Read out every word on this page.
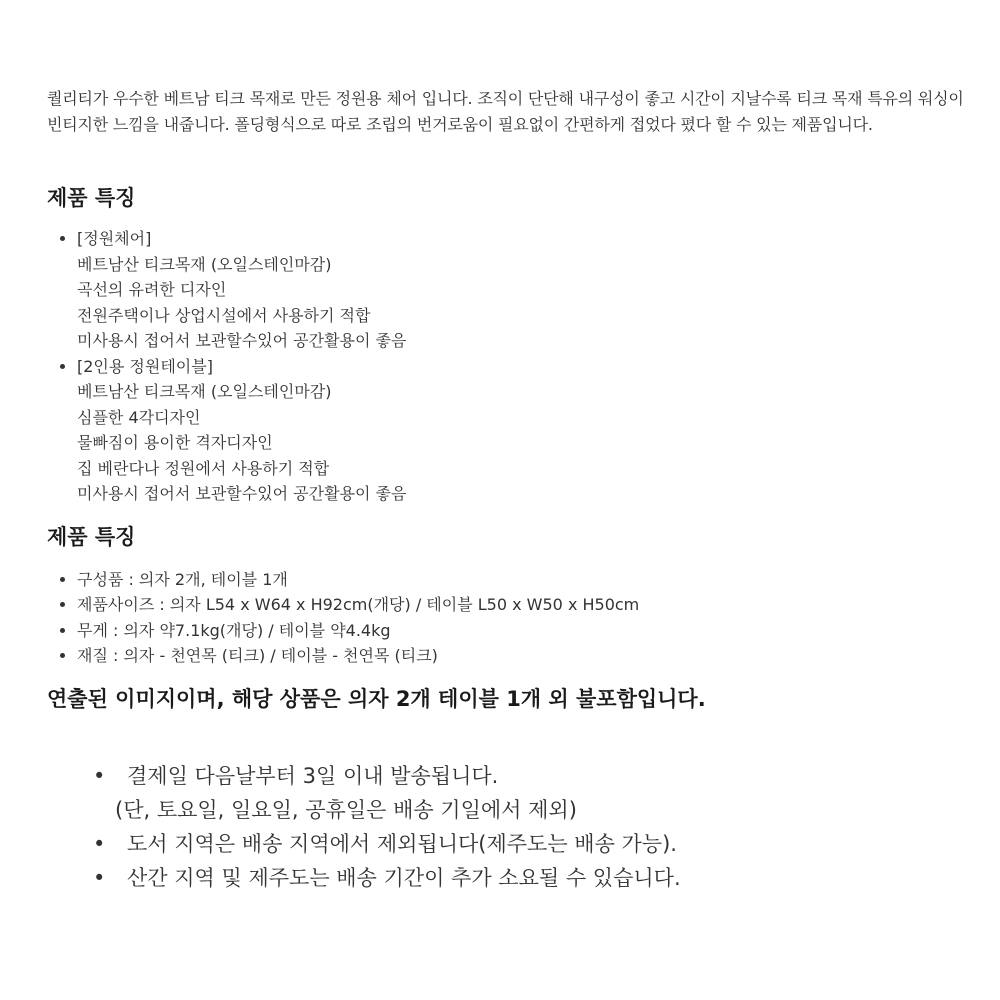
퀄리티가 우수한 베트남 티크 목재로 만든 정원용 체어 입니다. 조직이 단단해 내구성이 좋고 시간이 지날수록 티크 목재 특유의 워싱이 빈티지한 느낌을 내줍니다. 폴딩형식으로 따로 조립의 번거로움이 필요없이 간편하게 접었다 폈다 할 수 있는 제품입니다.

제품 특징
• [정원체어]
베트남산 티크목재 (오일스테인마감)
곡선의 유려한 디자인
전원주택이나 상업시설에서 사용하기 적합
미사용시 접어서 보관할수있어 공간활용이 좋음
• [2인용 정원테이블]
베트남산 티크목재 (오일스테인마감)
심플한 4각디자인
물빠짐이 용이한 격자디자인
집 베란다나 정원에서 사용하기 적합
미사용시 접어서 보관할수있어 공간활용이 좋음
제품 특징
• 구성품 : 의자 2개, 테이블 1개
• 제품사이즈 : 의자 L54 x W64 x H92cm(개당) / 테이블 L50 x W50 x H50cm
• 무게 : 의자 약7.1kg(개당) / 테이블 약4.4kg
• 재질 : 의자 - 천연목 (티크) / 테이블 - 천연목 (티크)

연출된 이미지이며, 해당 상품은 의자 2개 테이블 1개 외 불포함입니다.

• 결제일 다음날부터 3일 이내 발송됩니다.
(단, 토요일, 일요일, 공휴일은 배송 기일에서 제외)
• 도서 지역은 배송 지역에서 제외됩니다(제주도는 배송 가능).
• 산간 지역 및 제주도는 배송 기간이 추가 소요될 수 있습니다.
